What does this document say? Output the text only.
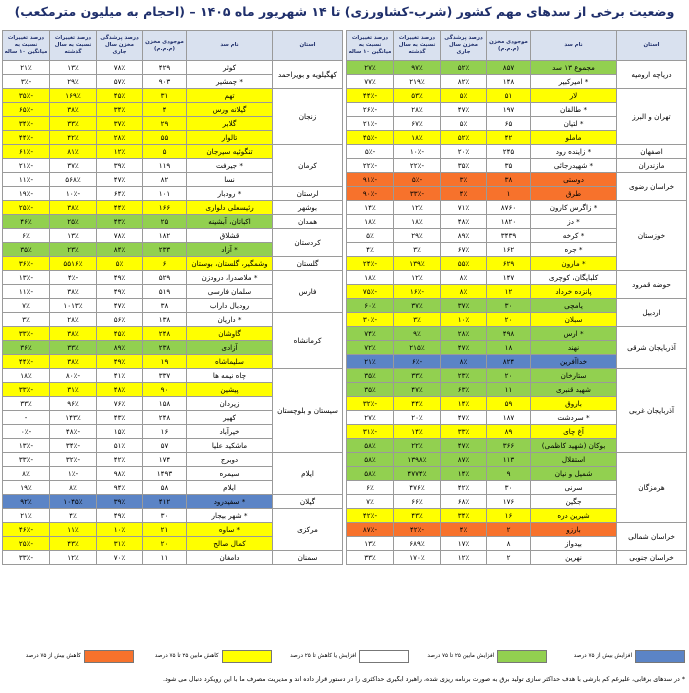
وضعیت برخی از سدهای مهم کشور (شرب-کشاورزی) تا ۱۴ شهریور ماه ۱۴۰۵ – (احجام به میلیون مترمکعب)
استان	نام سد	موجودی مخزن (م.م.م)	درصد پرشدگی مخزن سال جاری	درصد تغییرات نسبت به سال گذشته	درصد تغییرات نسبت به میانگین ۱۰ ساله
دریاچه ارومیه	مجموع ۱۳ سد	۸۵۷	۵۲٪	۹۷٪	۲۷٪
	* امیرکبیر	۱۴۸	۸۲٪	۲۱۹٪	۷۷٪
تهران و البرز	لار	۵۱	۵٪	۵۳٪	-۴۴٪
	* طالقان	۱۹۷	۴۷٪	۲۸٪	-۲۶٪
	* لتیان	۶۵	۵٪	۶۷٪	-۲۱٪
	ماملو	۴۲	۵۲٪	۱۸٪	-۴۵٪
اصفهان	* زاینده رود	۲۴۵	۲۰٪	-۱۰٪	-۵٪
مازندران	* شهیدرجائی	۳۵	۳۵٪	-۲۲٪	-۲۲٪
خراسان رضوی	دوستی	۳۸	۳٪	-۵٪	-۹۱٪
	طرق	۱	۴٪	-۳۳٪	-۹۰٪
خوزستان	* زاگرس کارون	۸۷۶۰	۷۱٪	۱۲٪	۱۴٪
	* دز	۱۸۲۰	۴۸٪	۱۸٪	۱۸٪
	* کرخه	۳۴۳۹	۸۹٪	۲۹٪	۵٪
	* جره	۱۶۲	۶۷٪	۳٪	۴٪
	* مارون	۶۲۹	۵۵٪	۱۳۹٪	-۲۴٪
حوضه قمرود	کلبایگان، کوچری	۱۴۷	۸٪	۱۲٪	۱۸٪
	پانزده خرداد	۱۲	۸٪	-۱۶٪	-۷۵٪
اردبیل	یامچی	۳۰	۳۷٪	۳۷٪	۶۰٪
	سبلان	۲۰	۱۰٪	۳٪	-۳۰٪
آذربایجان شرقی	* ارس	۴۹۸	۲۸٪	۹٪	۷۴٪
	نهند	۱۸	۴۷٪	۲۱۵٪	۷۲٪
	خداآفرین	۸۲۴	۸٪	-۶٪	۲۱٪
آذربایجان غربی	ستارخان	۲۰	۲۳٪	۳۳٪	۳۵٪
	شهید قنبری	۱۱	۶۳٪	۴۷٪	۳۵٪
	باروق	۵۹	۱۴٪	۴۴٪	-۳۲٪
	* سردشت	۱۸۷	۴۷٪	۲۰٪	۲۷٪
	آغ چای	۸۹	۳۳٪	۱۴٪	-۳۱٪
	بوکان (شهید کاظمی)	۳۶۶	۴۷٪	۲۲٪	۵۸٪
هرمزگان	استقلال	۱۱۳	۸۷٪	۱۳۹۸٪	۵۸٪
	شمیل و نیان	۹	۱۴٪	۴۷۷۴٪	۵۸٪
	سرنی	۳۰	۴۲٪	۴۷۶٪	۶٪
	جگین	۱۷۶	۶۸٪	۶۶٪	۷٪
	شیرین دره	۱۶	۳۴٪	۴۳٪	-۴۲٪
خراسان شمالی	بارزو	۲	۴٪	-۴۲٪	-۸۷٪
	بیدواز	۸	۱۷٪	۶۸۹٪	۱۳٪
خراسان جنوبی	نهرین	۲	۱۲٪	۱۷۰٪	۳۳٪
استان	نام سد	موجودی مخزن (م.م.م)	درصد پرشدگی مخزن سال جاری	درصد تغییرات نسبت به سال گذشته	درصد تغییرات نسبت به میانگین ۱۰ ساله
کهگیلویه و بویراحمد	کوثر	۴۲۹	۷۸٪	۱۳٪	۲۱٪
	* چمشیر	۹۰۳	۵۷٪	۲۹٪	-۳٪
زنجان	تهم	۳۱	۴۵٪	۱۶۹٪	-۳۵٪
	گیلانه ورس	۴	۳۴٪	۳۸٪	-۶۵٪
	گلابر	۲۹	۳۷٪	۳۳٪	-۳۴٪
	تالوار	۵۵	۲۸٪	۴۲٪	-۴۴٪
کرمان	تنگوئیه سیرجان	۵	۱۲٪	۸۱٪	-۶۱٪
	* جیرفت	۱۱۹	۳۹٪	۳۷٪	-۲۱٪
	نسا	۸۲	۴۷٪	۵۶۸٪	-۱۱٪
لرستان	* رودبار	۱۰۱	۶۴٪	-۱۰٪	-۱۹٪
بوشهر	رئیسعلی دلواری	۱۶۶	۴۴٪	۳۸٪	-۲۵٪
همدان	اکباتان، آبشینه	۲۵	۴۳٪	۲۵٪	۴۶٪
کردستان	قشلاق	۱۸۲	۷۸٪	۱۳٪	۶٪
	* آزاد	۲۳۳	۸۴٪	۲۳٪	۳۵٪
گلستان	وشمگیر، گلستان، بوستان	۶	۵٪	۵۵۱۶٪	-۳۶٪
فارس	* ملاصدرا، درودزن	۵۲۹	۴۹٪	-۴٪	-۱۳٪
	سلمان فارسی	۵۱۹	۴۹٪	۳۸٪	-۱۱٪
	رودبال داراب	۳۸	۴۷٪	۱۰۱۳٪	۷٪
کرمانشاه	* داریان	۱۳۸	۵۶٪	۲۸٪	۳٪
	گاوشان	۲۴۸	۴۵٪	۳۸٪	-۳۳٪
	آزادی	۲۳۸	۸۹٪	۳۳٪	۳۶٪
	سلیماشاه	۱۹	۴۹٪	۳۸٪	-۴۴٪
سیستان و بلوچستان	چاه نیمه ها	۳۳۷	۴۱٪	-۸۰٪	۱۸٪
	پیشین	۹۰	۴۸٪	۳۱٪	-۳۳٪
	زیردان	۱۵۸	۷۶٪	۹۶٪	۳۳٪
	کهیر	۲۴۸	۴۳٪	۱۴۳٪	-
	خیرآباد	۱۶	۱۵٪	-۴۸٪	-۰٪
	ماشکید علیا	۵۷	۵۱٪	-۳۴٪	-۱۳٪
ایلام	دوبرج	۱۷۴	۴۲٪	-۳۲٪	-۳۳٪
	سیمره	۱۴۹۳	۹۸٪	-۱٪	۸٪
	ایلام	۵۸	۹۴٪	۸٪	۱۹٪
گیلان	* سفیدرود	۴۱۲	۳۹٪	۱۰۴۵٪	۹۲٪
مرکزی	* شهر بیجار	۳۰	۴۹٪	۴٪	۲۱٪
	* ساوه	۲۱	۱۰٪	۱۱٪	-۴۶٪
	کمال صالح	۲۰	۳۱٪	۴۳٪	-۲۵٪
سمنان	دامغان	۱۱	۷۰٪	۱۲٪	-۳۳٪
افزایش بیش از ۷۵ درصد
افزایش مابین ۲۵ تا ۷۵ درصد
افزایش یا کاهش تا ۲۵ درصد
کاهش مابین ۲۵ تا ۷۵ درصد
کاهش بیش از ۷۵ درصد
* در سدهای برقابی، علیرغم کم بارشی با هدف حداکثر سازی تولید برق به صورت برنامه ریزی شده، راهبرد آبگیری حداکثری را در دستور قرار داده اند و مدیریت مصرف ما با این رویکرد دنبال می شود.
